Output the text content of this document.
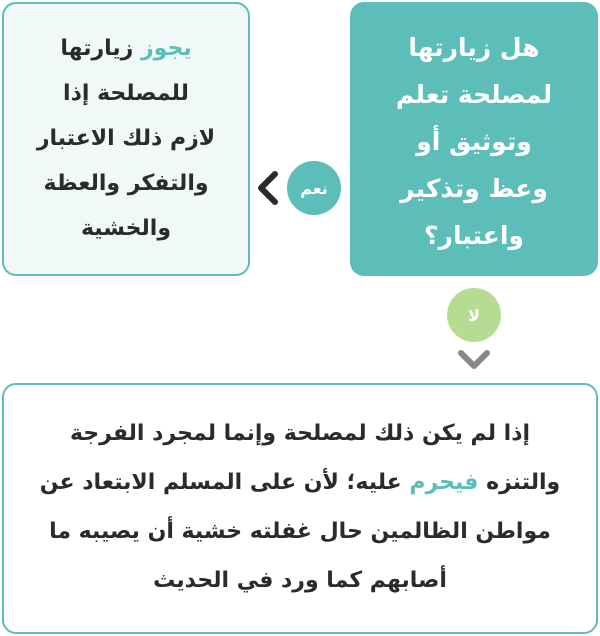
هل زيارتها
لمصلحة تعلم
وتوثيق أو
وعظ وتذكير
واعتبار؟
يجوز زيارتها
للمصلحة إذا
لازم ذلك الاعتبار
والتفكر والعظة
والخشية
نعم
لا
إذا لم يكن ذلك لمصلحة وإنما لمجرد الفرجة
والتنزه فيحرم عليه؛ لأن على المسلم الابتعاد عن
مواطن الظالمين حال غفلته خشية أن يصيبه ما
أصابهم كما ورد في الحديث
